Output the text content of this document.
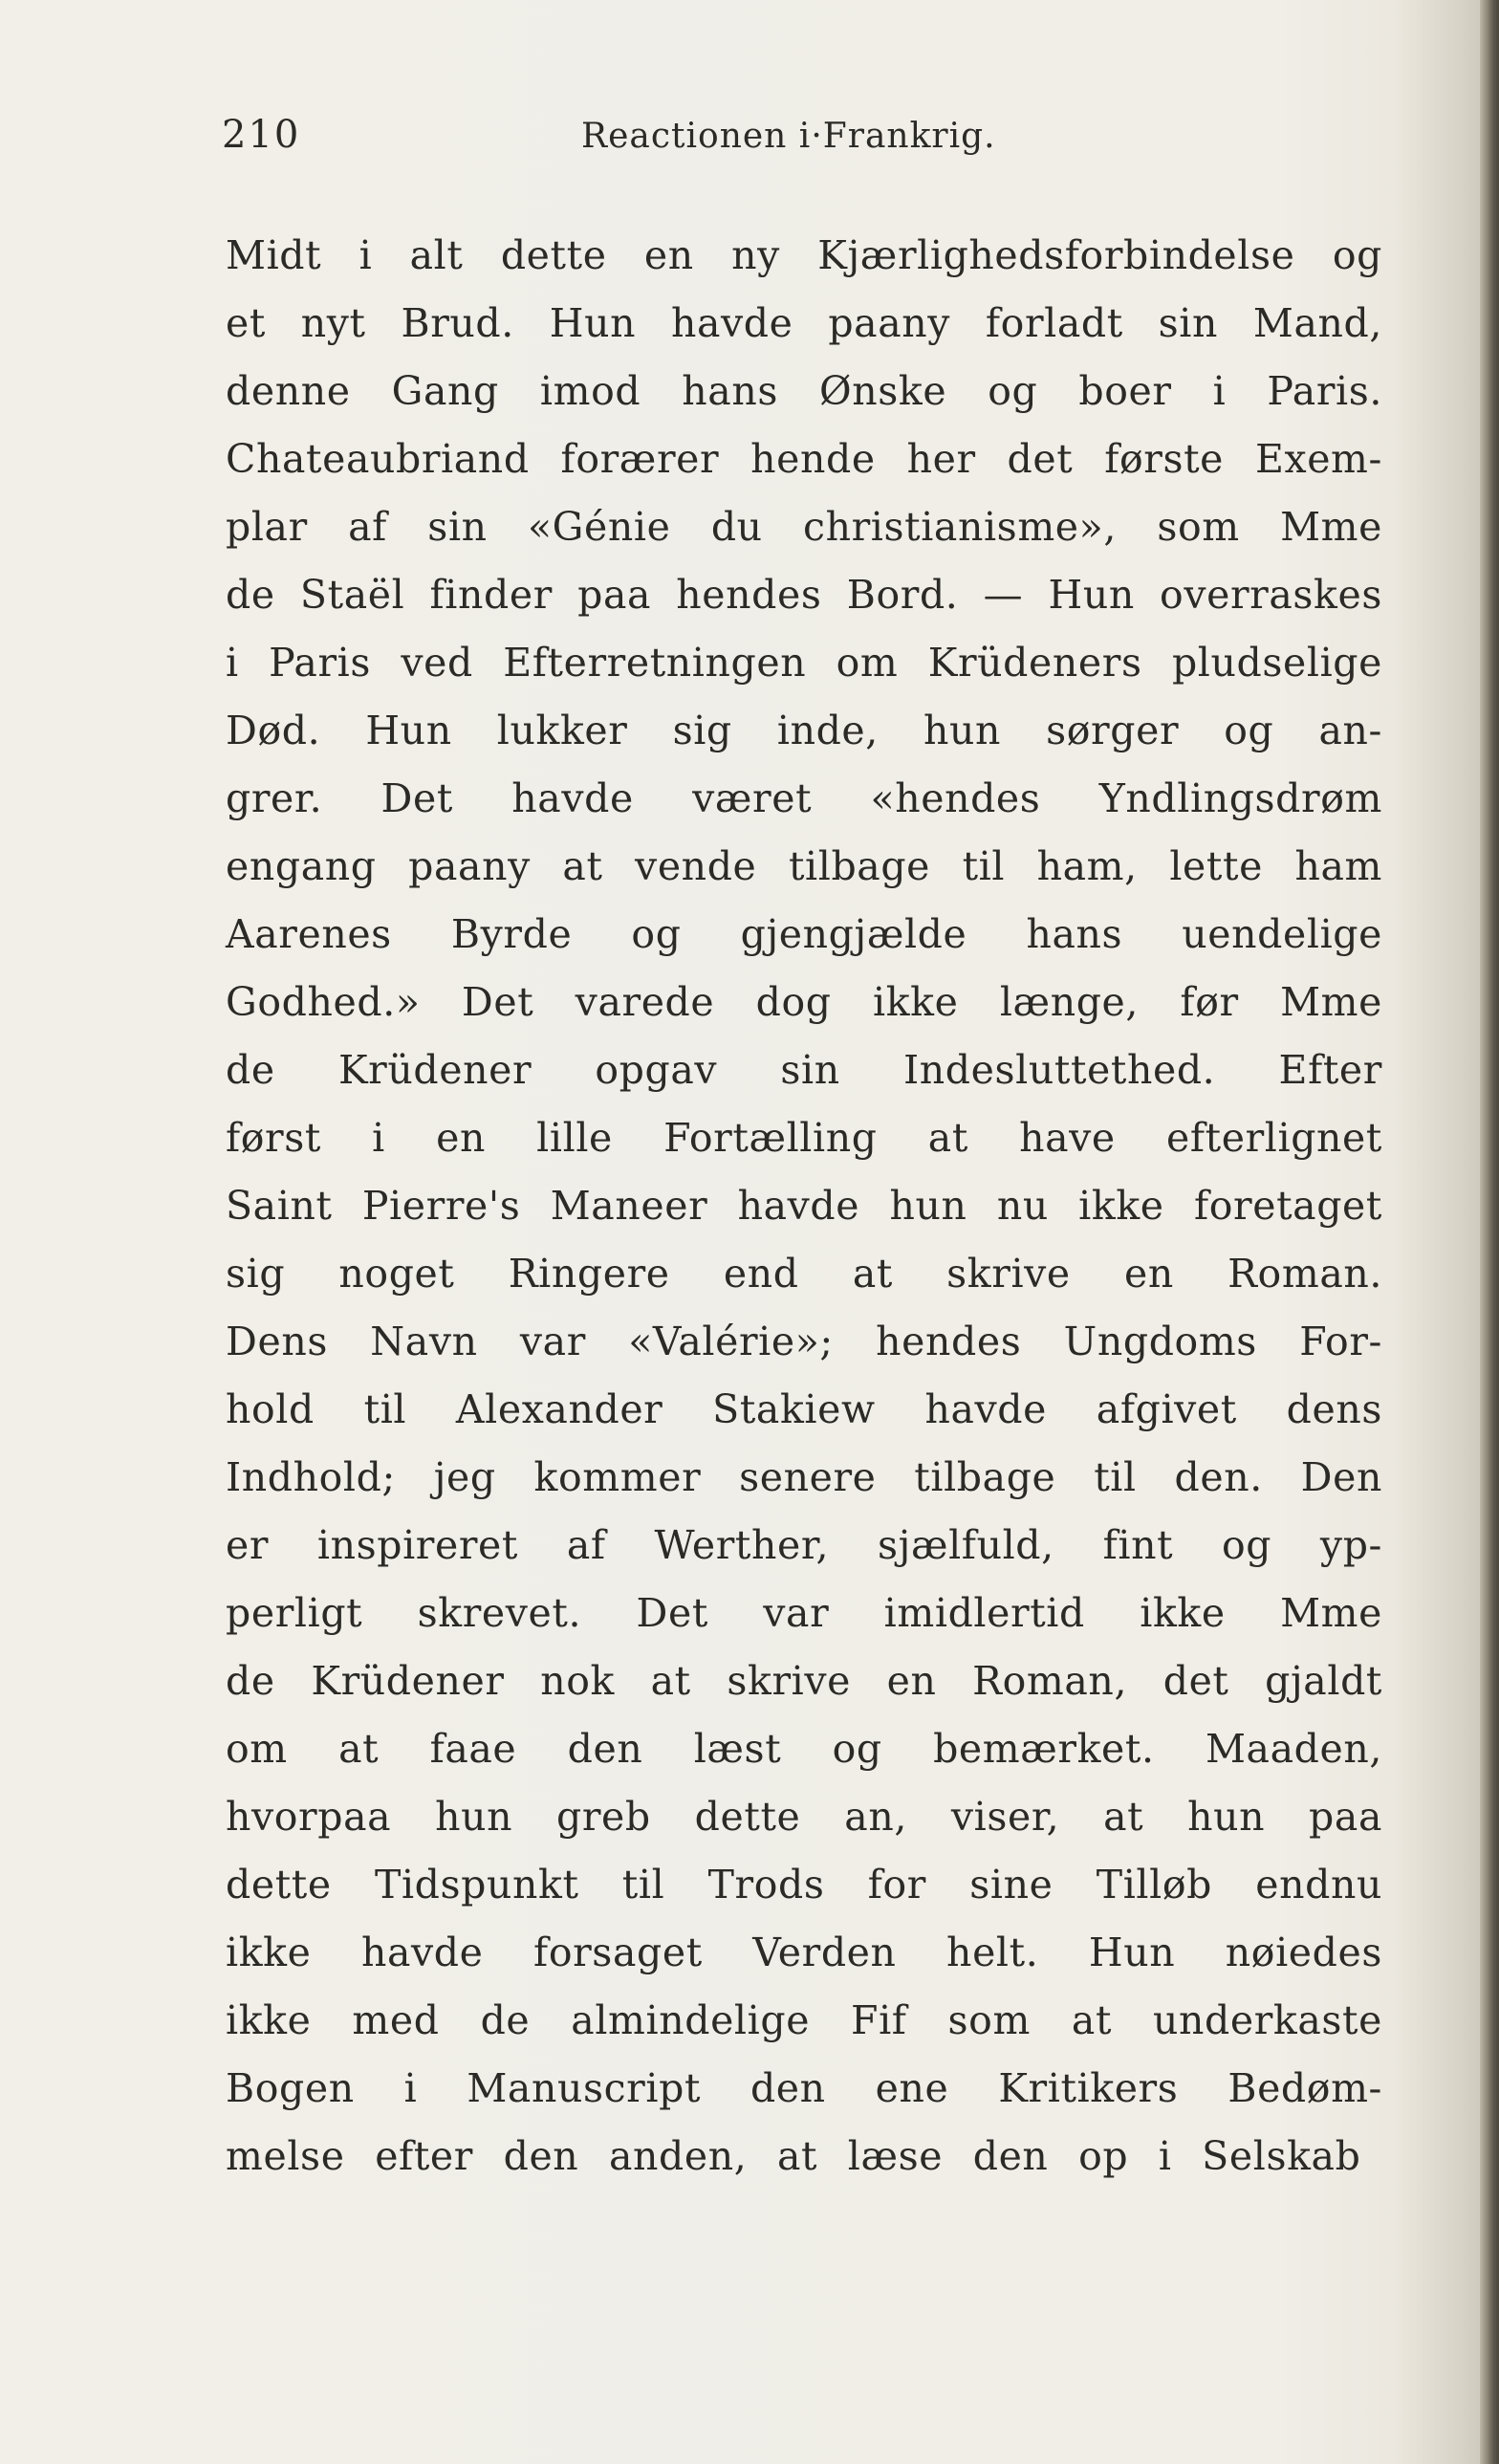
210	Reactionen i·Frankrig.
Midt i alt dette en ny Kjærlighedsforbindelse og
et nyt Brud. Hun havde paany forladt sin Mand,
denne Gang imod hans Ønske og boer i Paris.
Chateaubriand forærer hende her det første Exem-
plar af sin «Génie du christianisme», som Mme
de Staël finder paa hendes Bord. — Hun overraskes
i Paris ved Efterretningen om Krüdeners pludselige
Død. Hun lukker sig inde, hun sørger og an-
grer. Det havde været «hendes Yndlingsdrøm
engang paany at vende tilbage til ham, lette ham
Aarenes Byrde og gjengjælde hans uendelige
Godhed.» Det varede dog ikke længe, før Mme
de Krüdener opgav sin Indesluttethed. Efter
først i en lille Fortælling at have efterlignet
Saint Pierre's Maneer havde hun nu ikke foretaget
sig noget Ringere end at skrive en Roman.
Dens Navn var «Valérie»; hendes Ungdoms For-
hold til Alexander Stakiew havde afgivet dens
Indhold; jeg kommer senere tilbage til den. Den
er inspireret af Werther, sjælfuld, fint og yp-
perligt skrevet. Det var imidlertid ikke Mme
de Krüdener nok at skrive en Roman, det gjaldt
om at faae den læst og bemærket. Maaden,
hvorpaa hun greb dette an, viser, at hun paa
dette Tidspunkt til Trods for sine Tilløb endnu
ikke havde forsaget Verden helt. Hun nøiedes
ikke med de almindelige Fif som at underkaste
Bogen i Manuscript den ene Kritikers Bedøm-
melse efter den anden, at læse den op i Selskab
